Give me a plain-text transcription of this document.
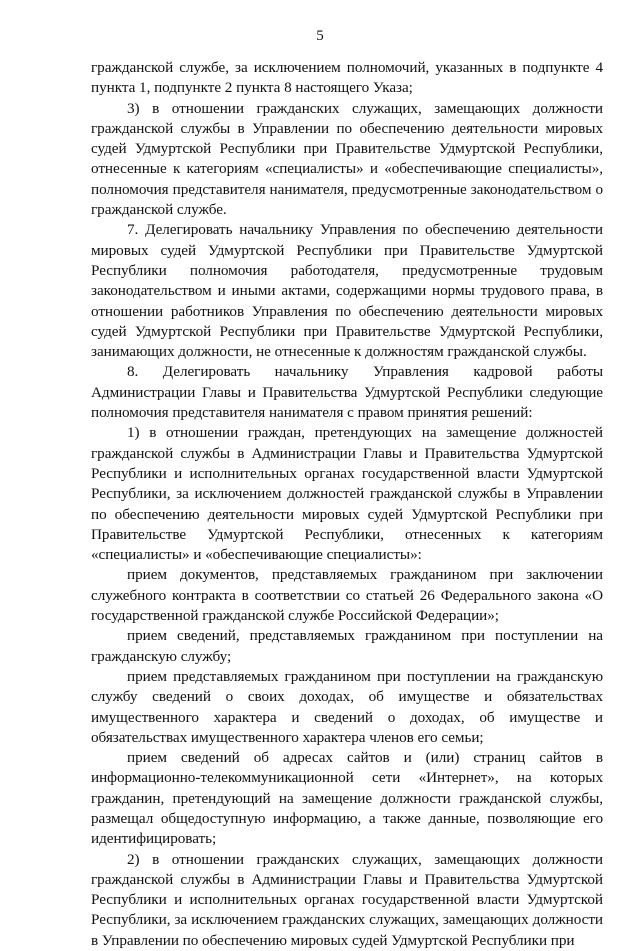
5

гражданской службе, за исключением полномочий, указанных в подпункте 4 пункта 1, подпункте 2 пункта 8 настоящего Указа;

3) в отношении гражданских служащих, замещающих должности гражданской службы в Управлении по обеспечению деятельности мировых судей Удмуртской Республики при Правительстве Удмуртской Республики, отнесенные к категориям «специалисты» и «обеспечивающие специалисты», полномочия представителя нанимателя, предусмотренные законодательством о гражданской службе.

7. Делегировать начальнику Управления по обеспечению деятельности мировых судей Удмуртской Республики при Правительстве Удмуртской Республики полномочия работодателя, предусмотренные трудовым законодательством и иными актами, содержащими нормы трудового права, в отношении работников Управления по обеспечению деятельности мировых судей Удмуртской Республики при Правительстве Удмуртской Республики, занимающих должности, не отнесенные к должностям гражданской службы.

8. Делегировать начальнику Управления кадровой работы Администрации Главы и Правительства Удмуртской Республики следующие полномочия представителя нанимателя с правом принятия решений:

1) в отношении граждан, претендующих на замещение должностей гражданской службы в Администрации Главы и Правительства Удмуртской Республики и исполнительных органах государственной власти Удмуртской Республики, за исключением должностей гражданской службы в Управлении по обеспечению деятельности мировых судей Удмуртской Республики при Правительстве Удмуртской Республики, отнесенных к категориям «специалисты» и «обеспечивающие специалисты»:

прием документов, представляемых гражданином при заключении служебного контракта в соответствии со статьей 26 Федерального закона «О государственной гражданской службе Российской Федерации»;

прием сведений, представляемых гражданином при поступлении на гражданскую службу;

прием представляемых гражданином при поступлении на гражданскую службу сведений о своих доходах, об имуществе и обязательствах имущественного характера и сведений о доходах, об имуществе и обязательствах имущественного характера членов его семьи;

прием сведений об адресах сайтов и (или) страниц сайтов в информационно-телекоммуникационной сети «Интернет», на которых гражданин, претендующий на замещение должности гражданской службы, размещал общедоступную информацию, а также данные, позволяющие его идентифицировать;

2) в отношении гражданских служащих, замещающих должности гражданской службы в Администрации Главы и Правительства Удмуртской Республики и исполнительных органах государственной власти Удмуртской Республики, за исключением гражданских служащих, замещающих должности в Управлении по обеспечению мировых судей Удмуртской Республики при
